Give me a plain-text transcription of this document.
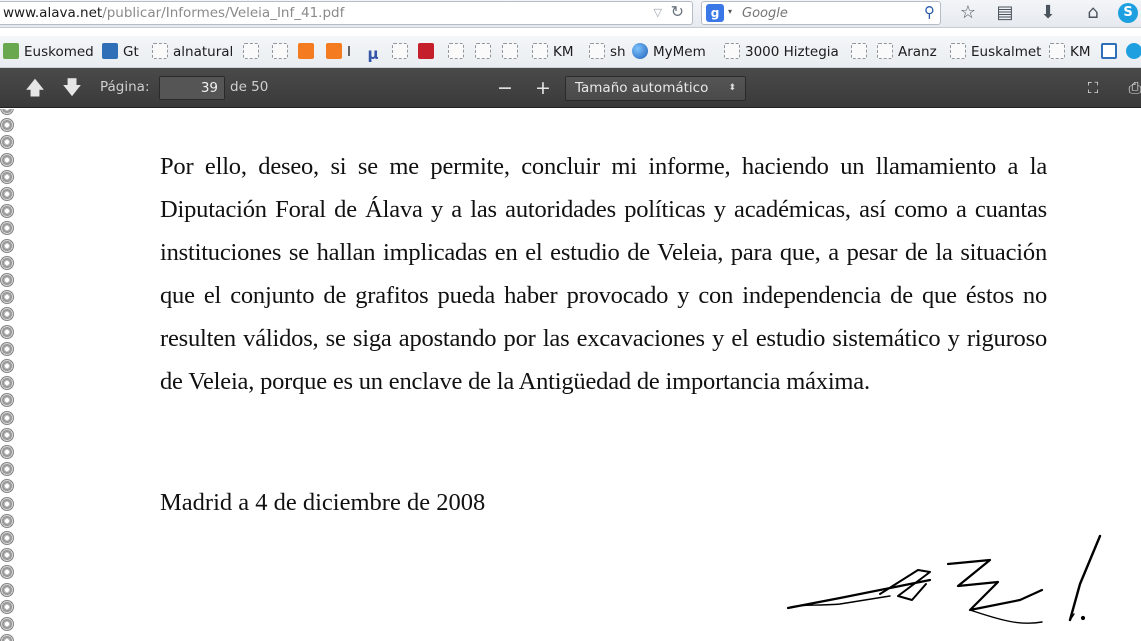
www.alava.net/publicar/Informes/Veleia_Inf_41.pdf	▽ ↻	g	▾
Google	⚲ ☆ ▤ ⬇	⌂	S
Euskomed	Gt	alnatural	I μ	KM	sh	MyMem	3000 Hiztegia	Aranz	Euskalmet	KM
🡅 🡇 Página:
39	de 50	− +	Tamaño automático ⬍	⛶	⎙

Por ello, deseo, si se me permite, concluir mi informe, haciendo un llamamiento a la Diputación Foral de Álava y a las autoridades políticas y académicas, así como a cuantas instituciones se hallan implicadas en el estudio de Veleia, para que, a pesar de la situación que el conjunto de grafitos pueda haber provocado y con independencia de que éstos no resulten válidos, se siga apostando por las excavaciones y el estudio sistemático y riguroso de Veleia, porque es un enclave de la Antigüedad de importancia máxima.

Madrid a 4 de diciembre de 2008
